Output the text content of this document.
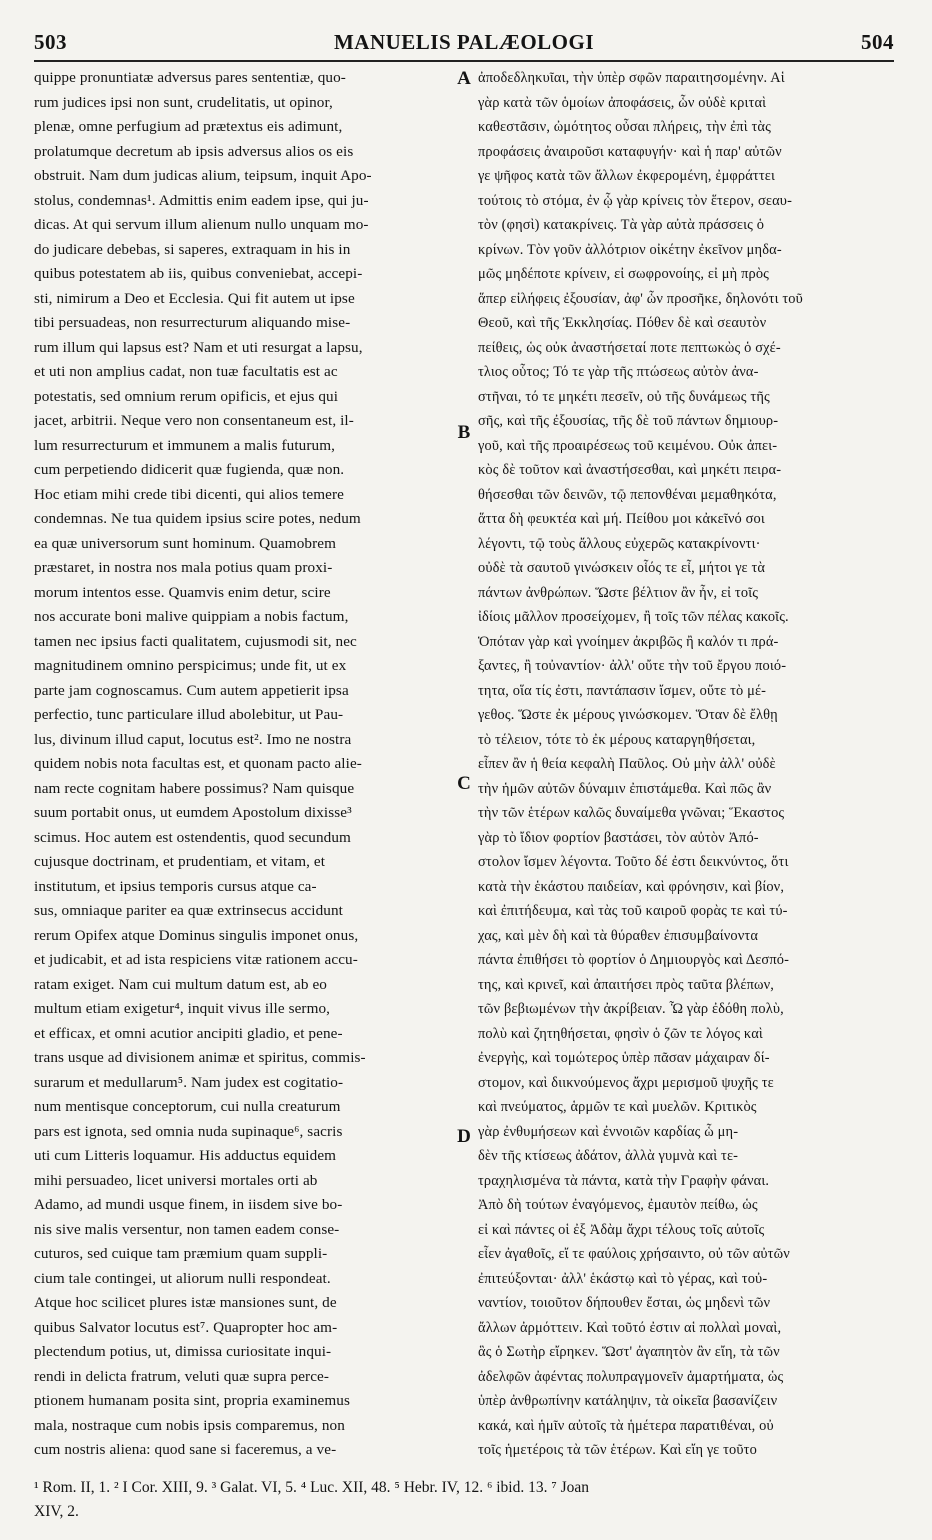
503	MANUELIS PALÆOLOGI	504
quippe pronuntiatæ adversus pares sententiæ, quo-
rum judices ipsi non sunt, crudelitatis, ut opinor,
plenæ, omne perfugium ad prætextus eis adimunt,
prolatumque decretum ab ipsis adversus alios os eis
obstruit. Nam dum judicas alium, teipsum, inquit Apo-
stolus, condemnas¹. Admittis enim eadem ipse, qui ju-
dicas. At qui servum illum alienum nullo unquam mo-
do judicare debebas, si saperes, extraquam in his in
quibus potestatem ab iis, quibus conveniebat, accepi-
sti, nimirum a Deo et Ecclesia. Qui fit autem ut ipse
tibi persuadeas, non resurrecturum aliquando mise-
rum illum qui lapsus est? Nam et uti resurgat a lapsu,
et uti non amplius cadat, non tuæ facultatis est ac
potestatis, sed omnium rerum opificis, et ejus qui
jacet, arbitrii. Neque vero non consentaneum est, il-
lum resurrecturum et immunem a malis futurum,
cum perpetiendo didicerit quæ fugienda, quæ non.
Hoc etiam mihi crede tibi dicenti, qui alios temere
condemnas. Ne tua quidem ipsius scire potes, nedum
ea quæ universorum sunt hominum. Quamobrem
præstaret, in nostra nos mala potius quam proxi-
morum intentos esse. Quamvis enim detur, scire
nos accurate boni malive quippiam a nobis factum,
tamen nec ipsius facti qualitatem, cujusmodi sit, nec
magnitudinem omnino perspicimus; unde fit, ut ex
parte jam cognoscamus. Cum autem appetierit ipsa
perfectio, tunc particulare illud abolebitur, ut Pau-
lus, divinum illud caput, locutus est². Imo ne nostra
quidem nobis nota facultas est, et quonam pacto alie-
nam recte cognitam habere possimus? Nam quisque
suum portabit onus, ut eumdem Apostolum dixisse³
scimus. Hoc autem est ostendentis, quod secundum
cujusque doctrinam, et prudentiam, et vitam, et
institutum, et ipsius temporis cursus atque ca-
sus, omniaque pariter ea quæ extrinsecus accidunt
rerum Opifex atque Dominus singulis imponet onus,
et judicabit, et ad ista respiciens vitæ rationem accu-
ratam exiget. Nam cui multum datum est, ab eo
multum etiam exigetur⁴, inquit vivus ille sermo,
et efficax, et omni acutior ancipiti gladio, et pene-
trans usque ad divisionem animæ et spiritus, commis-
surarum et medullarum⁵. Nam judex est cogitatio-
num mentisque conceptorum, cui nulla creaturum
pars est ignota, sed omnia nuda supinaque⁶, sacris
uti cum Litteris loquamur. His adductus equidem
mihi persuadeo, licet universi mortales orti ab
Adamo, ad mundi usque finem, in iisdem sive bo-
nis sive malis versentur, non tamen eadem conse-
cuturos, sed cuique tam præmium quam suppli-
cium tale contingei, ut aliorum nulli respondeat.
Atque hoc scilicet plures istæ mansiones sunt, de
quibus Salvator locutus est⁷. Quapropter hoc am-
plectendum potius, ut, dimissa curiositate inqui-
rendi in delicta fratrum, veluti quæ supra perce-
ptionem humanam posita sint, propria examinemus
mala, nostraque cum nobis ipsis comparemus, non
cum nostris aliena: quod sane si faceremus, a ve-
A
B
C
D
ἀποδεδληκυῖαι, τὴν ὑπὲρ σφῶν παραιτησομένην. Αἱ
γὰρ κατὰ τῶν ὁμοίων ἀποφάσεις, ὧν οὐδὲ κριταὶ
καθεστᾶσιν, ὠμότητος οὖσαι πλήρεις, τὴν ἐπὶ τὰς
προφάσεις ἀναιροῦσι καταφυγήν· καὶ ἡ παρ' αὐτῶν
γε ψῆφος κατὰ τῶν ἄλλων ἐκφερομένη, ἐμφράττει
τούτοις τὸ στόμα, ἐν ᾧ γὰρ κρίνεις τὸν ἕτερον, σεαυ-
τὸν (φησὶ) κατακρίνεις. Τὰ γὰρ αὐτὰ πράσσεις ὁ
κρίνων. Τὸν γοῦν ἀλλότριον οἰκέτην ἐκεῖνον μηδα-
μῶς μηδέποτε κρίνειν, εἰ σωφρονοίης, εἰ μὴ πρὸς
ἅπερ εἰλήφεις ἐξουσίαν, ἀφ' ὧν προσῆκε, δηλονότι τοῦ
Θεοῦ, καὶ τῆς Ἐκκλησίας. Πόθεν δὲ καὶ σεαυτὸν
πείθεις, ὡς οὐκ ἀναστήσεταί ποτε πεπτωκὼς ὁ σχέ-
τλιος οὗτος; Τό τε γὰρ τῆς πτώσεως αὐτὸν ἀνα-
στῆναι, τό τε μηκέτι πεσεῖν, οὐ τῆς δυνάμεως τῆς
σῆς, καὶ τῆς ἐξουσίας, τῆς δὲ τοῦ πάντων δημιουρ-
γοῦ, καὶ τῆς προαιρέσεως τοῦ κειμένου. Οὐκ ἀπει-
κὸς δὲ τοῦτον καὶ ἀναστήσεσθαι, καὶ μηκέτι πειρα-
θήσεσθαι τῶν δεινῶν, τῷ πεπονθέναι μεμαθηκότα,
ἅττα δὴ φευκτέα καὶ μή. Πείθου μοι κἀκεῖνό σοι
λέγοντι, τῷ τοὺς ἄλλους εὐχερῶς κατακρίνοντι·
οὐδὲ τὰ σαυτοῦ γινώσκειν οἷός τε εἶ, μήτοι γε τὰ
πάντων ἀνθρώπων. Ὥστε βέλτιον ἂν ἦν, εἰ τοῖς
ἰδίοις μᾶλλον προσείχομεν, ἢ τοῖς τῶν πέλας κακοῖς.
Ὁπόταν γὰρ καὶ γνοίημεν ἀκριβῶς ἢ καλόν τι πρά-
ξαντες, ἢ τοὐναντίον· ἀλλ' οὔτε τὴν τοῦ ἔργου ποιό-
τητα, οἵα τίς ἐστι, παντάπασιν ἴσμεν, οὔτε τὸ μέ-
γεθος. Ὥστε ἐκ μέρους γινώσκομεν. Ὅταν δὲ ἔλθῃ
τὸ τέλειον, τότε τὸ ἐκ μέρους καταργηθήσεται,
εἶπεν ἂν ἡ θεία κεφαλὴ Παῦλος. Οὐ μὴν ἀλλ' οὐδὲ
τὴν ἡμῶν αὐτῶν δύναμιν ἐπιστάμεθα. Καὶ πῶς ἂν
τὴν τῶν ἑτέρων καλῶς δυναίμεθα γνῶναι; Ἕκαστος
γὰρ τὸ ἴδιον φορτίον βαστάσει, τὸν αὐτὸν Ἀπό-
στολον ἴσμεν λέγοντα. Τοῦτο δέ ἐστι δεικνύντος, ὅτι
κατὰ τὴν ἑκάστου παιδείαν, καὶ φρόνησιν, καὶ βίον,
καὶ ἐπιτήδευμα, καὶ τὰς τοῦ καιροῦ φορὰς τε καὶ τύ-
χας, καὶ μὲν δὴ καὶ τὰ θύραθεν ἐπισυμβαίνοντα
πάντα ἐπιθήσει τὸ φορτίον ὁ Δημιουργὸς καὶ Δεσπό-
της, καὶ κρινεῖ, καὶ ἀπαιτήσει πρὸς ταῦτα βλέπων,
τῶν βεβιωμένων τὴν ἀκρίβειαν. Ὧ γὰρ ἐδόθη πολὺ,
πολὺ καὶ ζητηθήσεται, φησὶν ὁ ζῶν τε λόγος καὶ
ἐνεργὴς, καὶ τομώτερος ὑπὲρ πᾶσαν μάχαιραν δί-
στομον, καὶ διικνούμενος ἄχρι μερισμοῦ ψυχῆς τε
καὶ πνεύματος, ἁρμῶν τε καὶ μυελῶν. Κριτικὸς
γὰρ ἐνθυμήσεων καὶ ἐννοιῶν καρδίας ὧ μη-
δὲν τῆς κτίσεως ἀδάτον, ἀλλὰ γυμνὰ καὶ τε-
τραχηλισμένα τὰ πάντα, κατὰ τὴν Γραφὴν φάναι.
Ἀπὸ δὴ τούτων ἐναγόμενος, ἐμαυτὸν πείθω, ὡς
εἰ καὶ πάντες οἱ ἐξ Ἀδὰμ ἄχρι τέλους τοῖς αὐτοῖς
εἶεν ἀγαθοῖς, εἴ τε φαύλοις χρήσαιντο, οὐ τῶν αὐτῶν
ἐπιτεύξονται· ἀλλ' ἑκάστῳ καὶ τὸ γέρας, καὶ τοὐ-
ναντίον, τοιοῦτον δήπουθεν ἔσται, ὡς μηδενὶ τῶν
ἄλλων ἀρμόττειν. Καὶ τοῦτό ἐστιν αἱ πολλαὶ μοναὶ,
ἃς ὁ Σωτὴρ εἴρηκεν. Ὥστ' ἀγαπητὸν ἂν εἴη, τὰ τῶν
ἀδελφῶν ἀφέντας πολυπραγμονεῖν ἁμαρτήματα, ὡς
ὑπὲρ ἀνθρωπίνην κατάληψιν, τὰ οἰκεῖα βασανίζειν
κακά, καὶ ἡμῖν αὐτοῖς τὰ ἡμέτερα παρατιθέναι, οὐ
τοῖς ἡμετέροις τὰ τῶν ἑτέρων. Καὶ εἴη γε τοῦτο
¹ Rom. II, 1. ² I Cor. XIII, 9. ³ Galat. VI, 5. ⁴ Luc. XII, 48. ⁵ Hebr. IV, 12. ⁶ ibid. 13. ⁷ Joan
XIV, 2.
